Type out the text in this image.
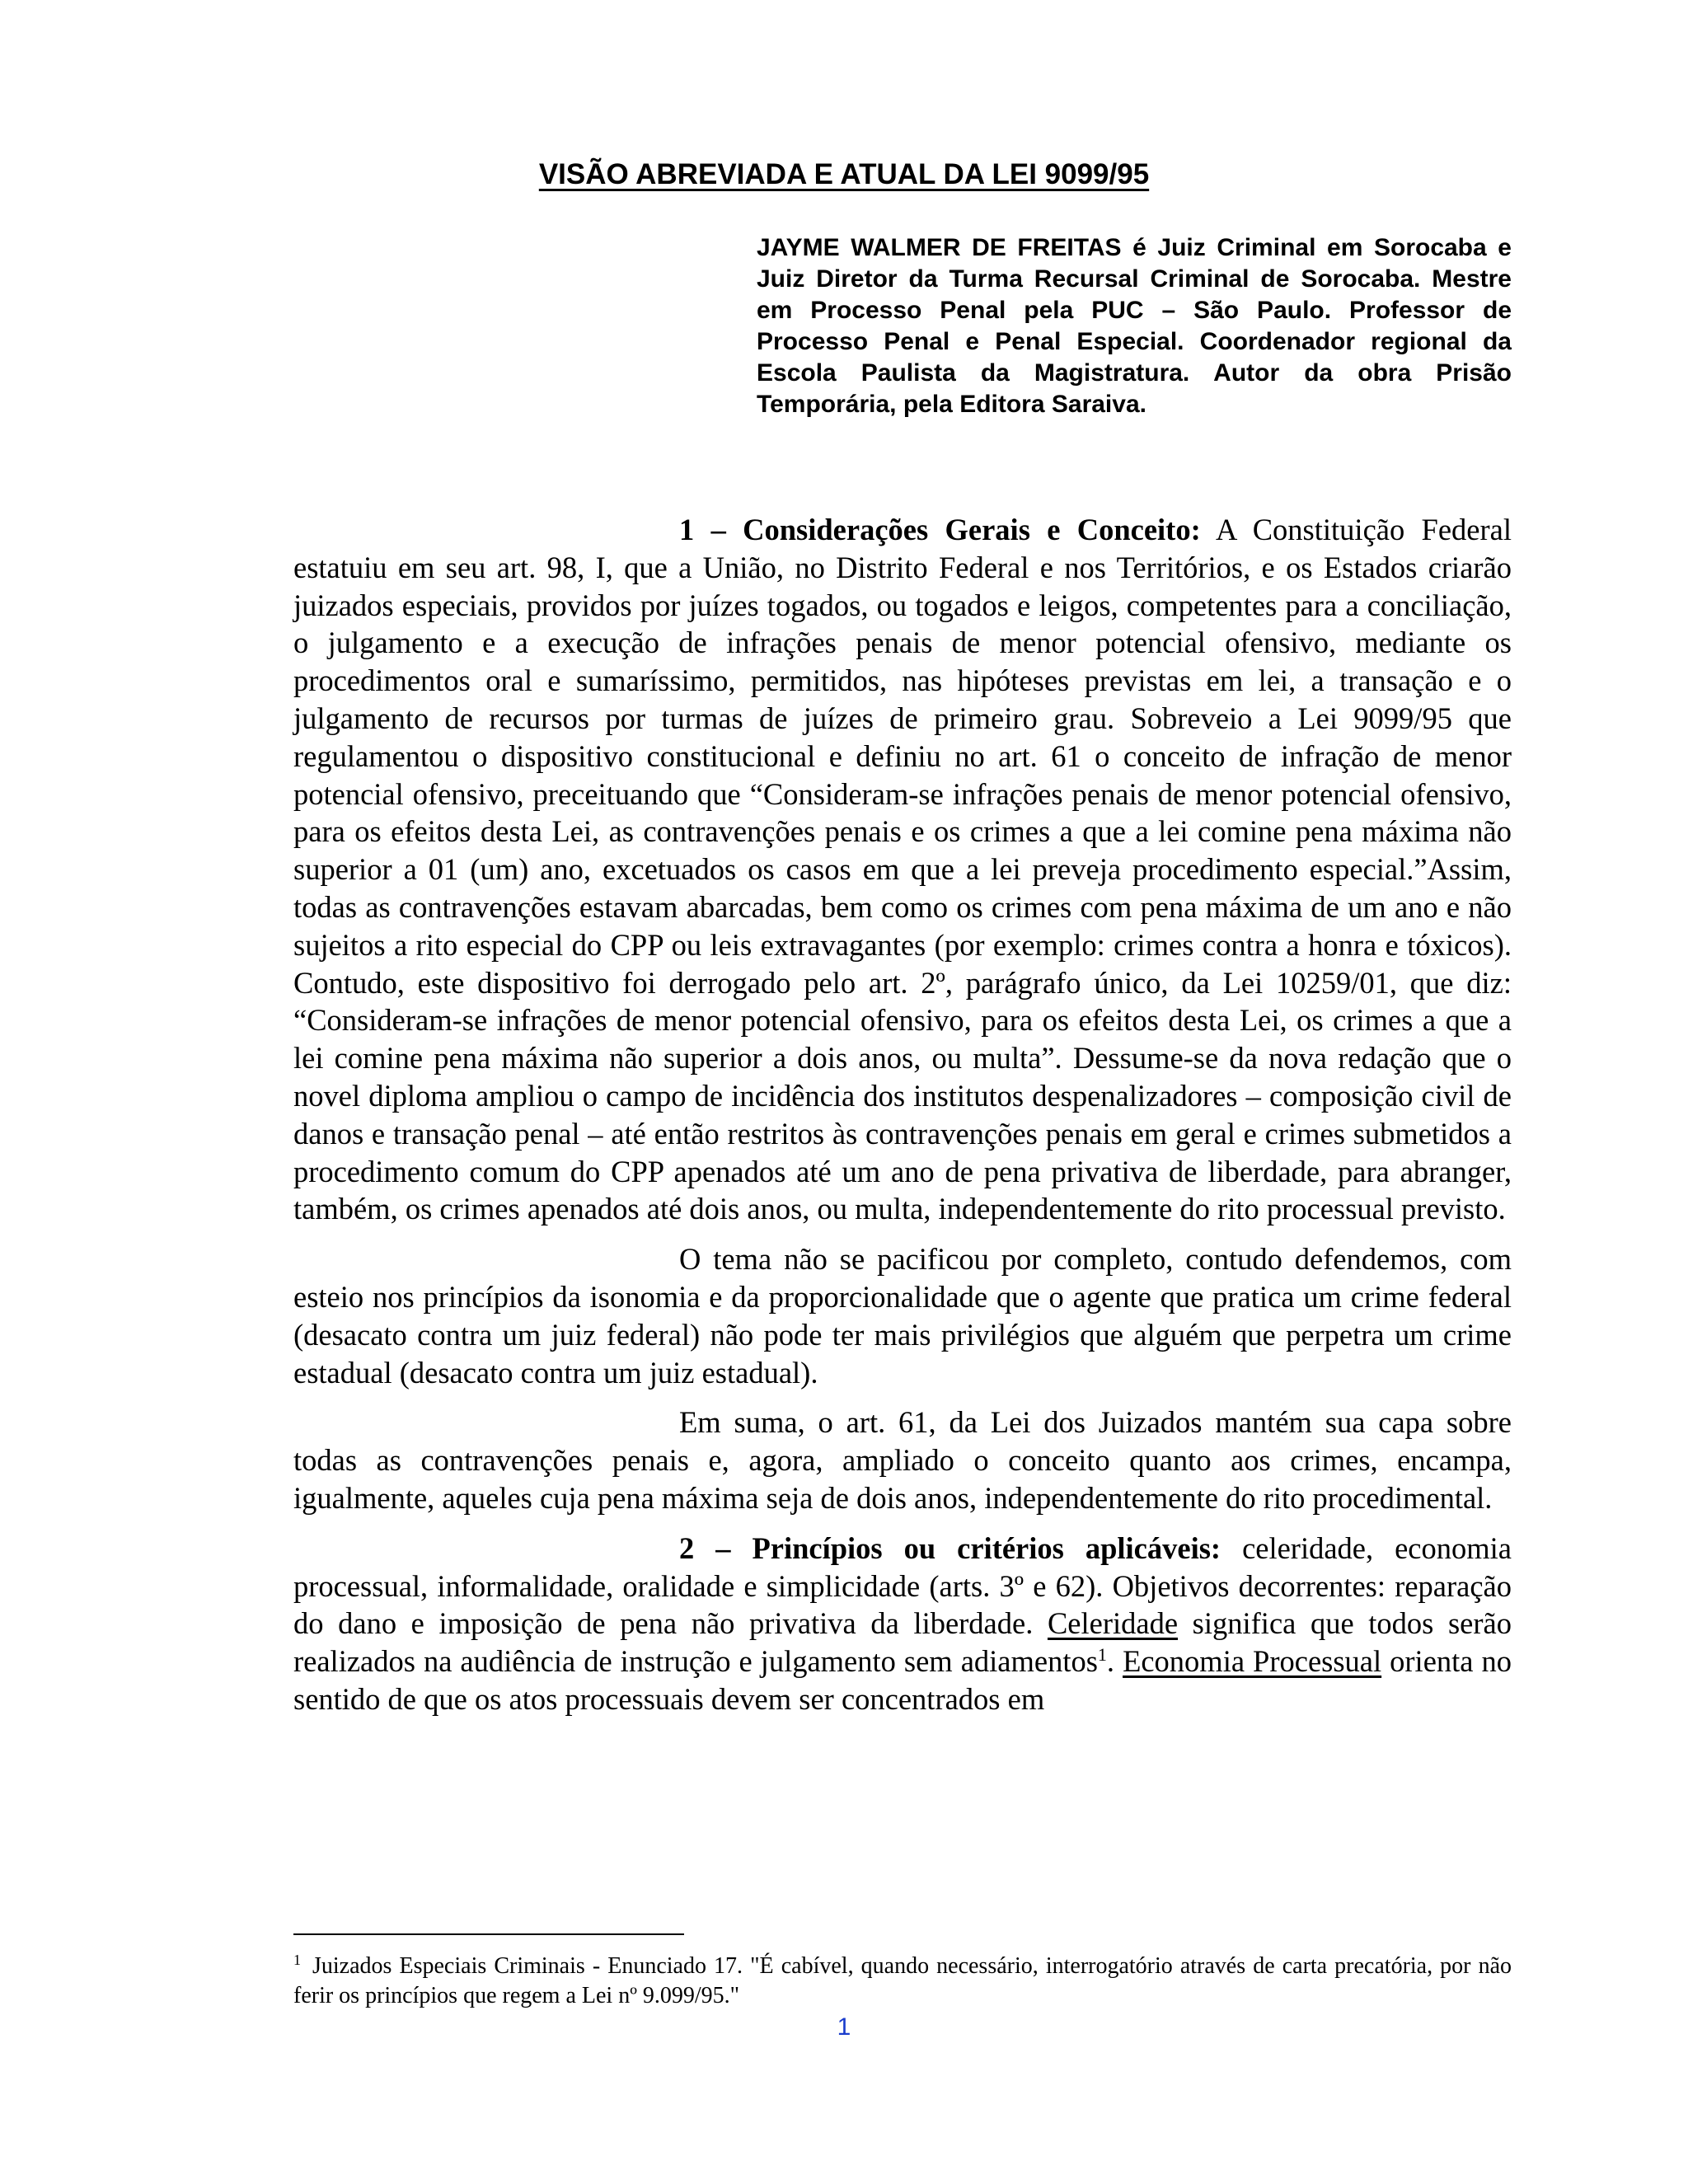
VISÃO ABREVIADA E ATUAL DA LEI 9099/95

JAYME WALMER DE FREITAS é Juiz Criminal em Sorocaba e Juiz Diretor da Turma Recursal Criminal de Sorocaba. Mestre em Processo Penal pela PUC – São Paulo. Professor de Processo Penal e Penal Especial. Coordenador regional da Escola Paulista da Magistratura. Autor da obra Prisão Temporária, pela Editora Saraiva.

1 – Considerações Gerais e Conceito: A Constituição Federal estatuiu em seu art. 98, I, que a União, no Distrito Federal e nos Territórios, e os Estados criarão juizados especiais, providos por juízes togados, ou togados e leigos, competentes para a conciliação, o julgamento e a execução de infrações penais de menor potencial ofensivo, mediante os procedimentos oral e sumaríssimo, permitidos, nas hipóteses previstas em lei, a transação e o julgamento de recursos por turmas de juízes de primeiro grau. Sobreveio a Lei 9099/95 que regulamentou o dispositivo constitucional e definiu no art. 61 o conceito de infração de menor potencial ofensivo, preceituando que “Consideram-se infrações penais de menor potencial ofensivo, para os efeitos desta Lei, as contravenções penais e os crimes a que a lei comine pena máxima não superior a 01 (um) ano, excetuados os casos em que a lei preveja procedimento especial.”Assim, todas as contravenções estavam abarcadas, bem como os crimes com pena máxima de um ano e não sujeitos a rito especial do CPP ou leis extravagantes (por exemplo: crimes contra a honra e tóxicos). Contudo, este dispositivo foi derrogado pelo art. 2º, parágrafo único, da Lei 10259/01, que diz: “Consideram-se infrações de menor potencial ofensivo, para os efeitos desta Lei, os crimes a que a lei comine pena máxima não superior a dois anos, ou multa”. Dessume-se da nova redação que o novel diploma ampliou o campo de incidência dos institutos despenalizadores – composição civil de danos e transação penal – até então restritos às contravenções penais em geral e crimes submetidos a procedimento comum do CPP apenados até um ano de pena privativa de liberdade, para abranger, também, os crimes apenados até dois anos, ou multa, independentemente do rito processual previsto.

O tema não se pacificou por completo, contudo defendemos, com esteio nos princípios da isonomia e da proporcionalidade que o agente que pratica um crime federal (desacato contra um juiz federal) não pode ter mais privilégios que alguém que perpetra um crime estadual (desacato contra um juiz estadual).

Em suma, o art. 61, da Lei dos Juizados mantém sua capa sobre todas as contravenções penais e, agora, ampliado o conceito quanto aos crimes, encampa, igualmente, aqueles cuja pena máxima seja de dois anos, independentemente do rito procedimental.

2 – Princípios ou critérios aplicáveis: celeridade, economia processual, informalidade, oralidade e simplicidade (arts. 3º e 62). Objetivos decorrentes: reparação do dano e imposição de pena não privativa da liberdade. Celeridade significa que todos serão realizados na audiência de instrução e julgamento sem adiamentos$^1$. Economia Processual orienta no sentido de que os atos processuais devem ser concentrados em

$^1$ Juizados Especiais Criminais - Enunciado 17. "É cabível, quando necessário, interrogatório através de carta precatória, por não ferir os princípios que regem a Lei nº 9.099/95."

1
